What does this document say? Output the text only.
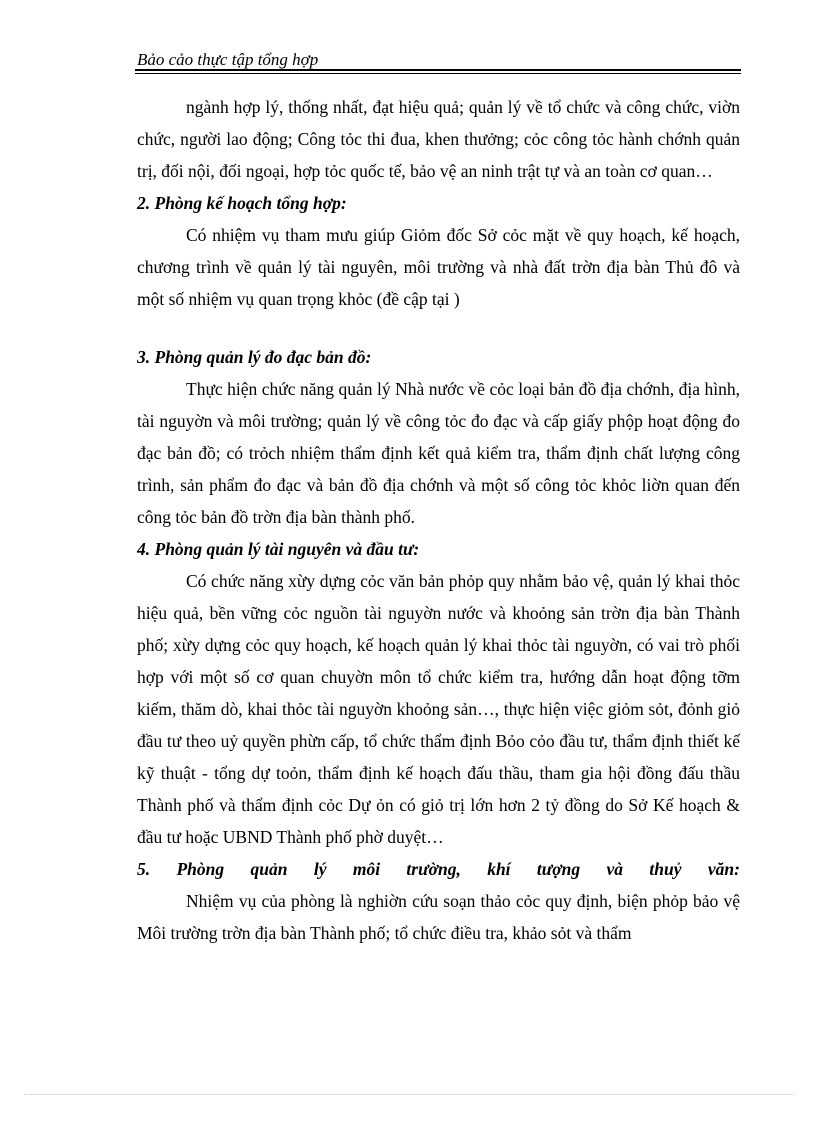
Bảo cảo thực tập tổng hợp

ngành hợp lý, thống nhất, đạt hiệu quả; quản lý về tổ chức và công chức, viờn chức, người lao động; Công tỏc thi đua, khen thưởng; cỏc công tỏc hành chớnh quản trị, đối nội, đối ngoại, hợp tỏc quốc tế, bảo vệ an ninh trật tự và an toàn cơ quan…

2. Phòng kế hoạch tổng hợp:

Có nhiệm vụ tham mưu giúp Giỏm đốc Sở cỏc mặt về quy hoạch, kế hoạch, chương trình về quản lý tài nguyên, môi trường và nhà đất trờn địa bàn Thủ đô và một số nhiệm vụ quan trọng khỏc (đề cập tại )

3. Phòng quản lý đo đạc bản đồ:

Thực hiện chức năng quản lý Nhà nước về cỏc loại bản đồ địa chớnh, địa hình, tài nguyờn và môi trường; quản lý về công tỏc đo đạc và cấp giấy phộp hoạt động đo đạc bản đồ; có trỏch nhiệm thẩm định kết quả kiểm tra, thẩm định chất lượng công trình, sản phẩm đo đạc và bản đồ địa chớnh và một số công tỏc khỏc liờn quan đến công tỏc bản đồ trờn địa bàn thành phố.

4. Phòng quản lý tài nguyên và đầu tư:

Có chức năng xừy dựng cỏc văn bản phỏp quy nhằm bảo vệ, quản lý khai thỏc hiệu quả, bền vững cỏc nguồn tài nguyờn nước và khoỏng sản trờn địa bàn Thành phố; xừy dựng cỏc quy hoạch, kế hoạch quản lý khai thỏc tài nguyờn, có vai trò phối hợp với một số cơ quan chuyờn môn tổ chức kiểm tra, hướng dẫn hoạt động tỡm kiếm, thăm dò, khai thỏc tài nguyờn khoỏng sản…, thực hiện việc giỏm sỏt, đỏnh giỏ đầu tư theo uỷ quyền phừn cấp, tổ chức thẩm định Bỏo cỏo đầu tư, thẩm định thiết kế kỹ thuật - tổng dự toỏn, thẩm định kế hoạch đấu thầu, tham gia hội đồng đấu thầu Thành phố và thẩm định cỏc Dự ỏn có giỏ trị lớn hơn 2 tỷ đồng do Sở Kế hoạch & đầu tư hoặc UBND Thành phố phờ duyệt…

5. Phòng quản lý môi trường, khí tượng và thuỷ văn:

Nhiệm vụ của phòng là nghiờn cứu soạn thảo cỏc quy định, biện phỏp bảo vệ Môi trường trờn địa bàn Thành phố; tổ chức điều tra, khảo sỏt và thẩm
